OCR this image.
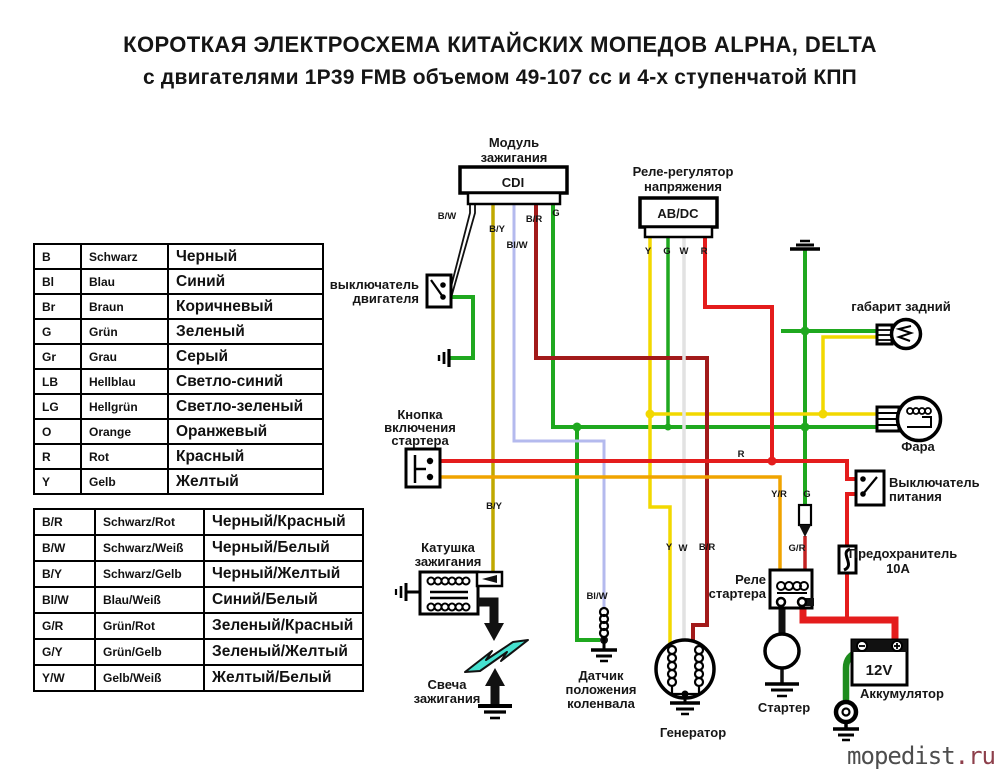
КОРОТКАЯ ЭЛЕКТРОСХЕМА КИТАЙСКИХ МОПЕДОВ ALPHA, DELTA
с двигателями 1P39 FMB объемом 49-107 сс и 4-х ступенчатой КПП
B	Schwarz	Черный
Bl	Blau	Синий
Br	Braun	Коричневый
G	Grün	Зеленый
Gr	Grau	Серый
LB	Hellblau	Светло-синий
LG	Hellgrün	Светло-зеленый
O	Orange	Оранжевый
R	Rot	Красный
Y	Gelb	Желтый
B/R	Schwarz/Rot	Черный/Красный
B/W	Schwarz/Weiß	Черный/Белый
B/Y	Schwarz/Gelb	Черный/Желтый
Bl/W	Blau/Weiß	Синий/Белый
G/R	Grün/Rot	Зеленый/Красный
G/Y	Grün/Gelb	Зеленый/Желтый
Y/W	Gelb/Weiß	Желтый/Белый
Модуль
зажигания
CDI
Реле-регулятор
напряжения
AB/DC
выключатель
двигателя
Кнопка
включения
стартера
Катушка
зажигания
Свеча
зажигания
Датчик
положения
коленвала
Генератор
Реле
стартера
Стартер
габарит задний
Фара
Выключатель
питания
Предохранитель
10А
12V
Аккумулятор
B/W
B/Y
Bl/W
B/R
G
Y G W R
B/Y
R
Y/R G
G/R
Y W B/R
Bl/W
mopedist.ru
